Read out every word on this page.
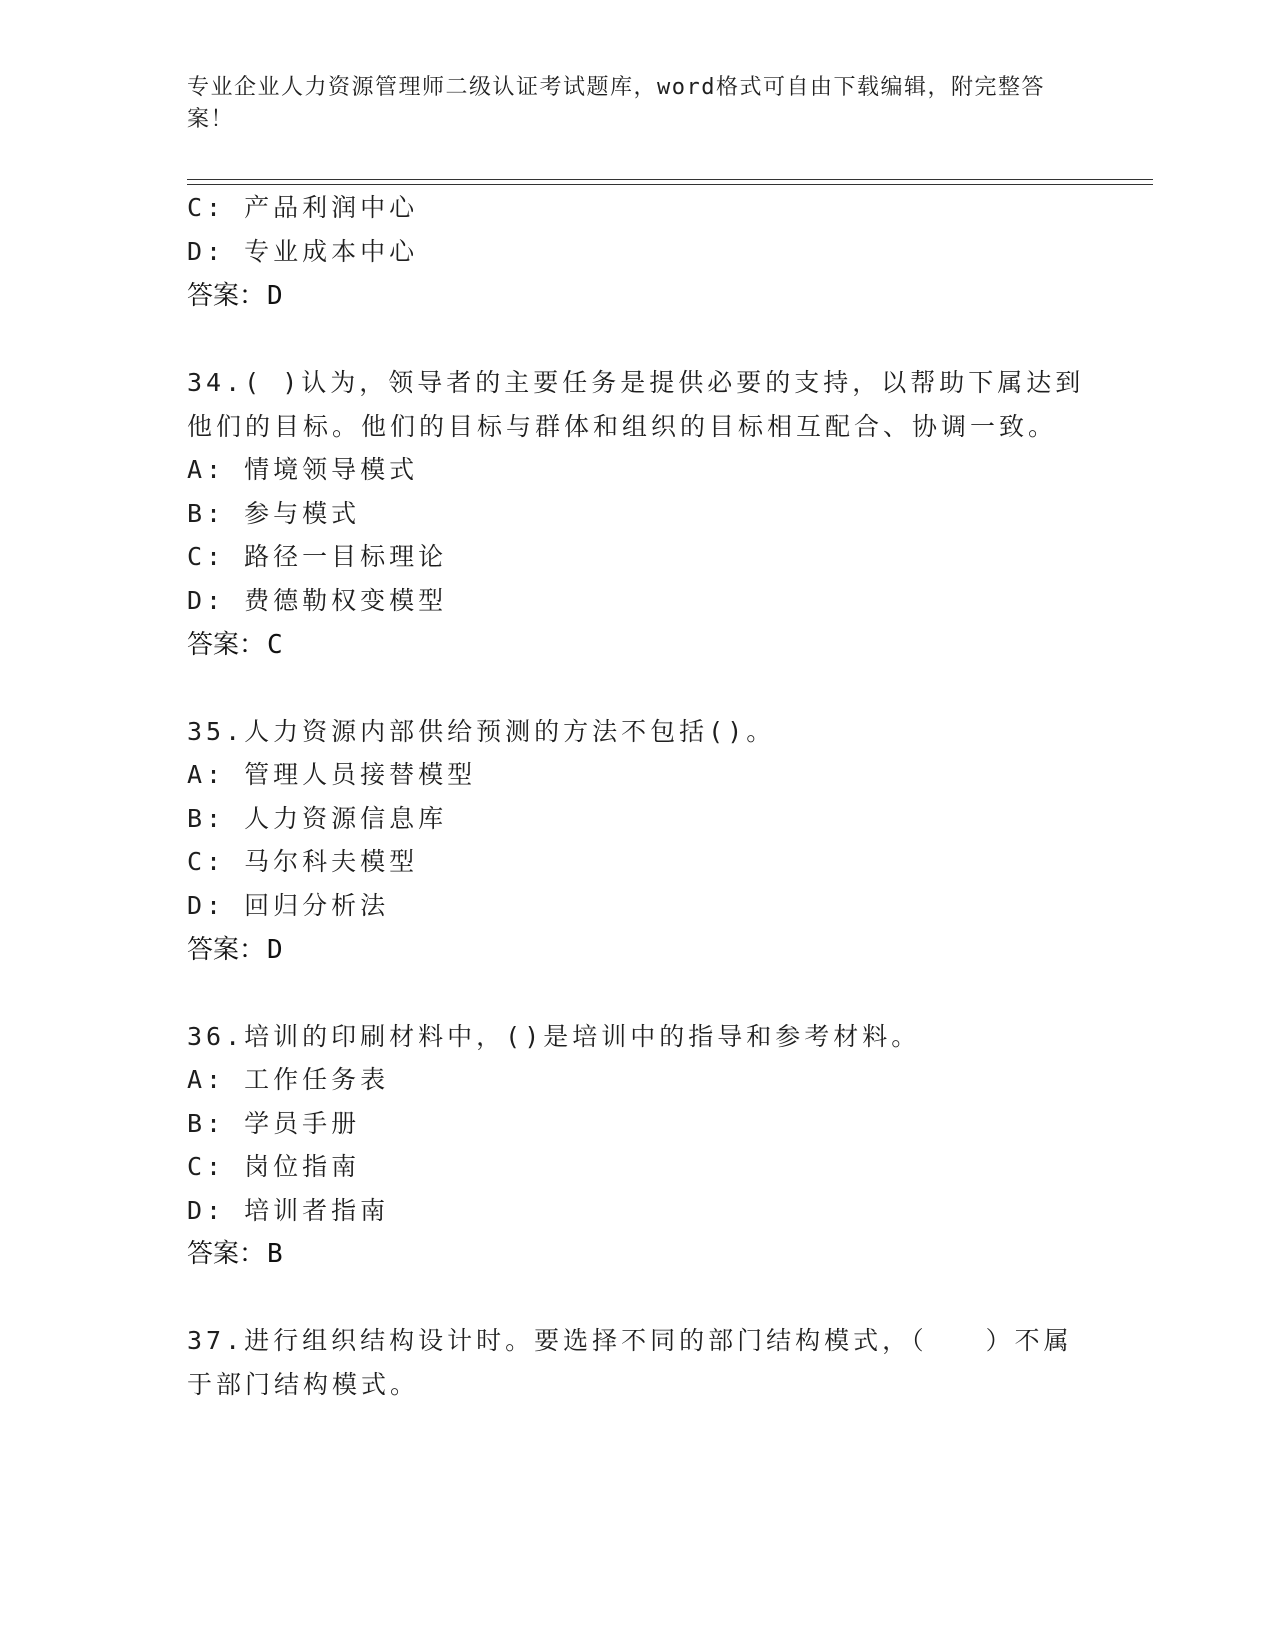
专业企业人力资源管理师二级认证考试题库，word格式可自由下载编辑，附完整答案！
C: 产品利润中心
D: 专业成本中心
答案：D
34.( )认为，领导者的主要任务是提供必要的支持，以帮助下属达到
他们的目标。他们的目标与群体和组织的目标相互配合、协调一致。
A: 情境领导模式
B: 参与模式
C: 路径一目标理论
D: 费德勒权变模型
答案：C
35.人力资源内部供给预测的方法不包括()。
A: 管理人员接替模型
B: 人力资源信息库
C: 马尔科夫模型
D: 回归分析法
答案：D
36.培训的印刷材料中，()是培训中的指导和参考材料。
A: 工作任务表
B: 学员手册
C: 岗位指南
D: 培训者指南
答案：B
37.进行组织结构设计时。要选择不同的部门结构模式，（　　）不属
于部门结构模式。
